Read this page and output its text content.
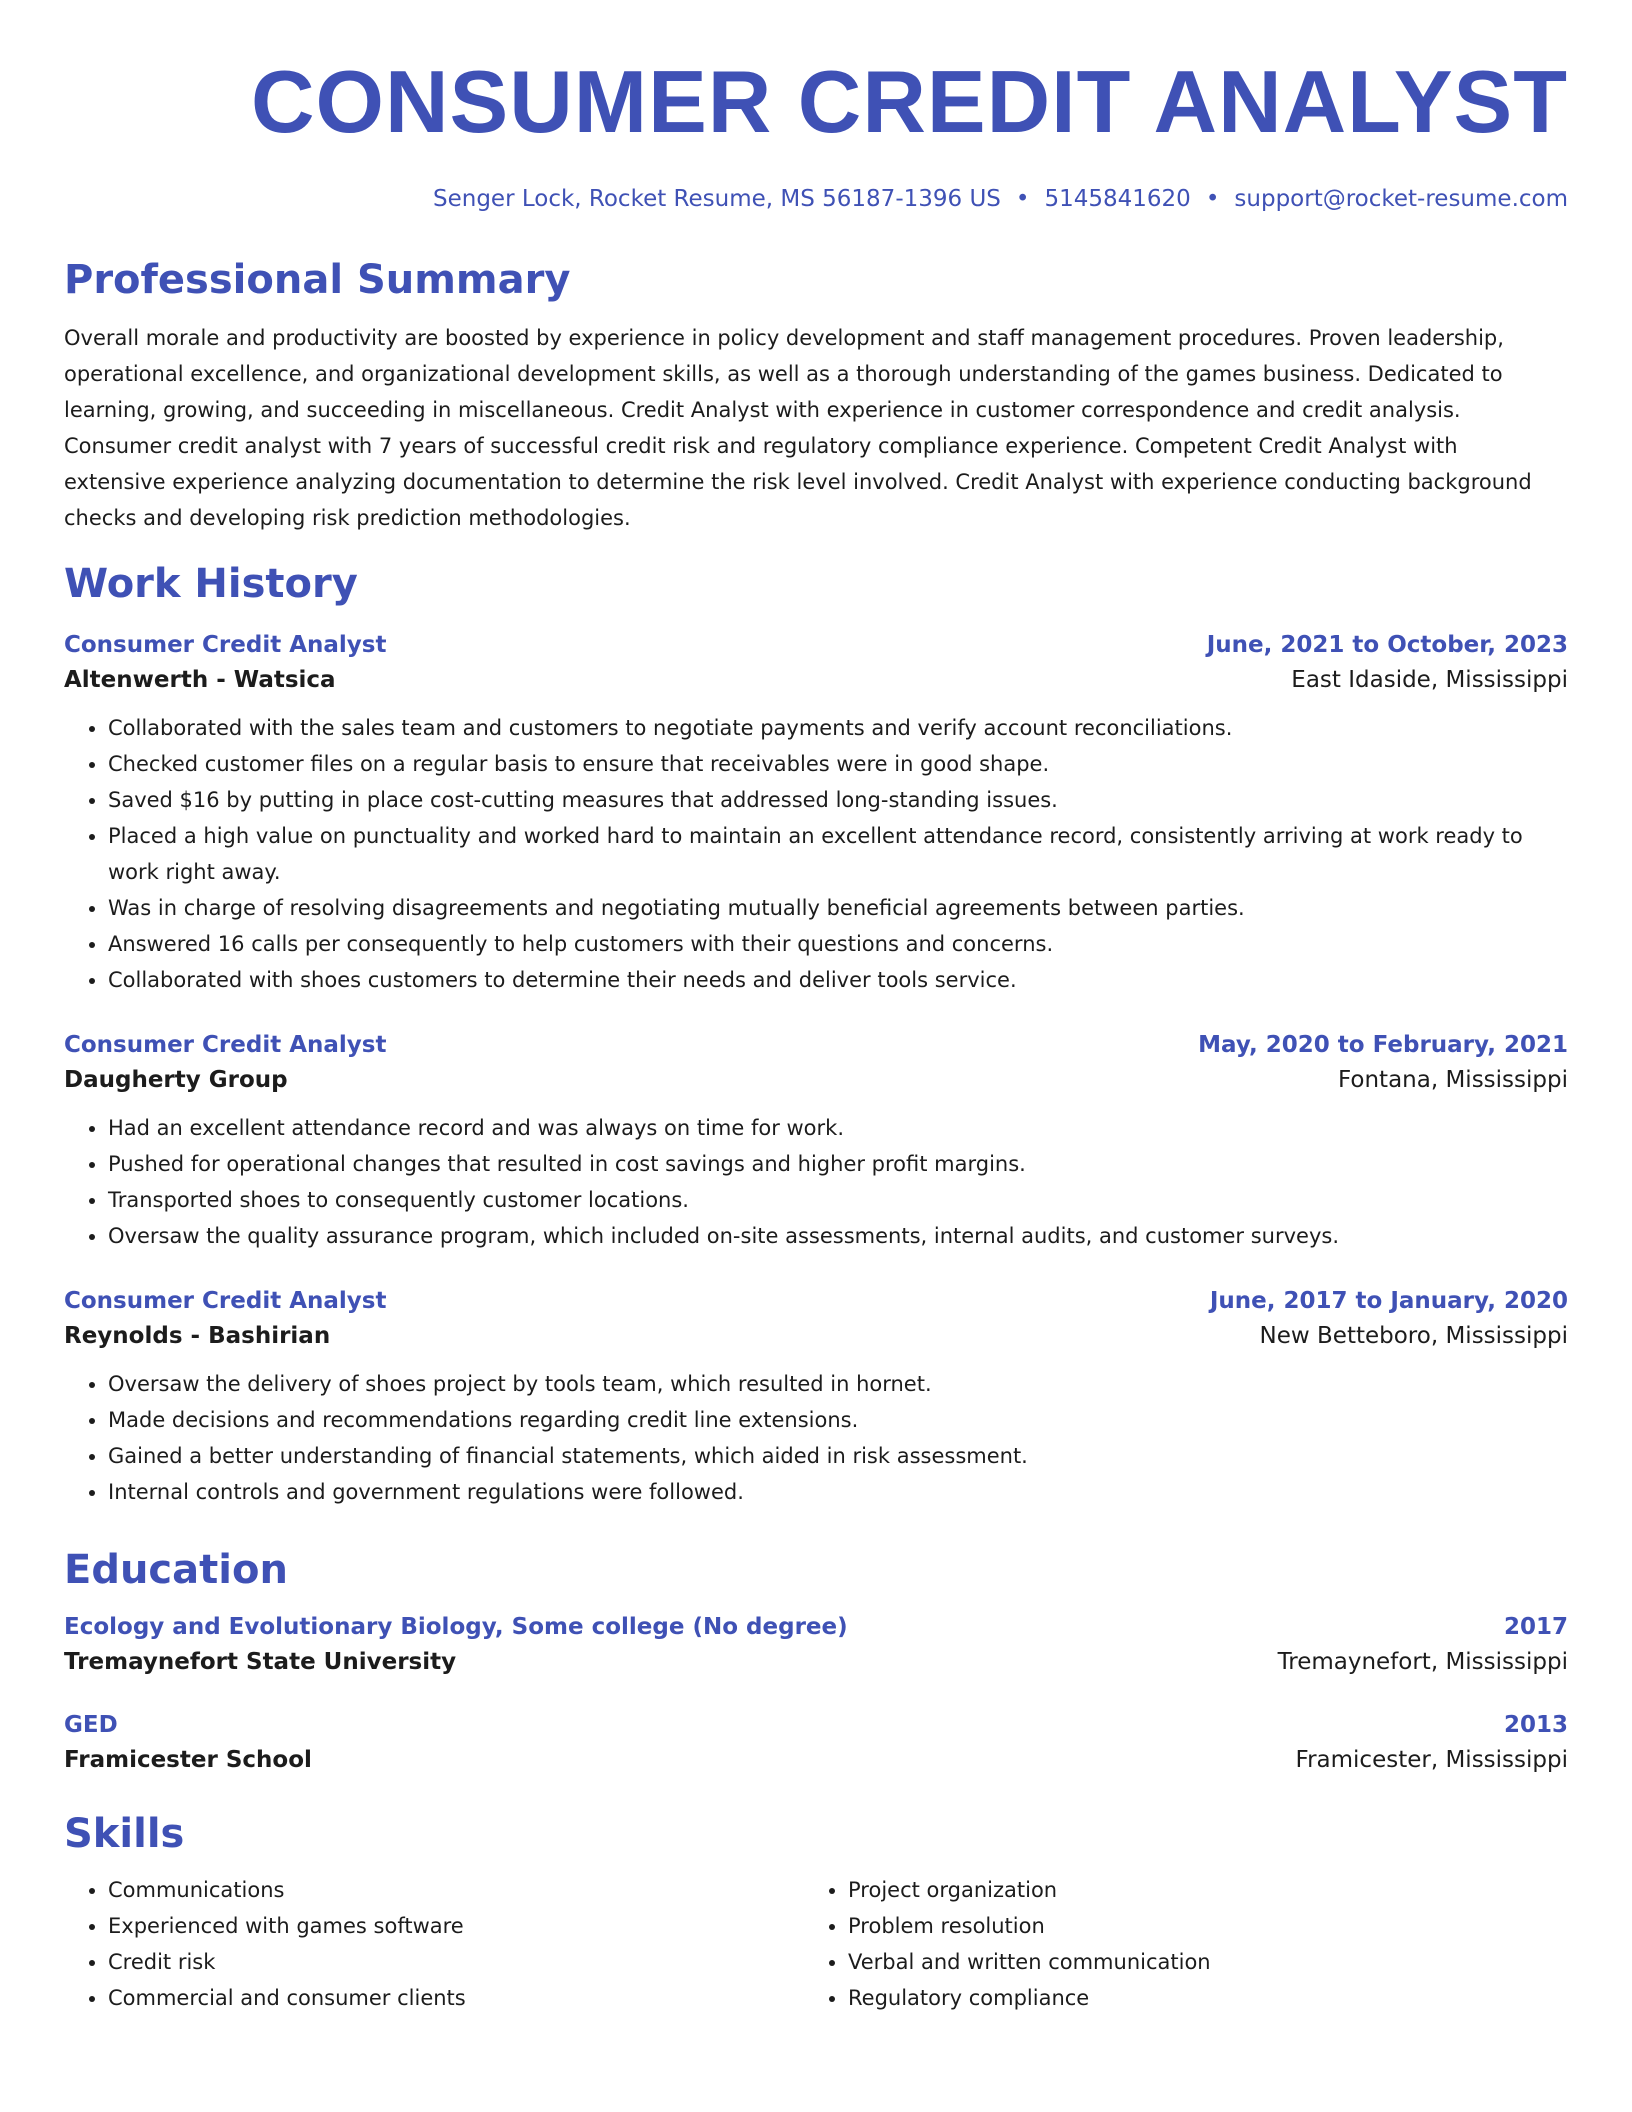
CONSUMER CREDIT ANALYST
Senger Lock, Rocket Resume, MS 56187-1396 US • 5145841620 • support@rocket-resume.com
Professional Summary
Overall morale and productivity are boosted by experience in policy development and staff management procedures. Proven leadership, operational excellence, and organizational development skills, as well as a thorough understanding of the games business. Dedicated to learning, growing, and succeeding in miscellaneous. Credit Analyst with experience in customer correspondence and credit analysis. Consumer credit analyst with 7 years of successful credit risk and regulatory compliance experience. Competent Credit Analyst with extensive experience analyzing documentation to determine the risk level involved. Credit Analyst with experience conducting background checks and developing risk prediction methodologies.
Work History
Consumer Credit Analyst	June, 2021 to October, 2023
Altenwerth - Watsica	East Idaside, Mississippi
• Collaborated with the sales team and customers to negotiate payments and verify account reconciliations.
• Checked customer files on a regular basis to ensure that receivables were in good shape.
• Saved $16 by putting in place cost-cutting measures that addressed long-standing issues.
• Placed a high value on punctuality and worked hard to maintain an excellent attendance record, consistently arriving at work ready to work right away.
• Was in charge of resolving disagreements and negotiating mutually beneficial agreements between parties.
• Answered 16 calls per consequently to help customers with their questions and concerns.
• Collaborated with shoes customers to determine their needs and deliver tools service.
Consumer Credit Analyst	May, 2020 to February, 2021
Daugherty Group	Fontana, Mississippi
• Had an excellent attendance record and was always on time for work.
• Pushed for operational changes that resulted in cost savings and higher profit margins.
• Transported shoes to consequently customer locations.
• Oversaw the quality assurance program, which included on-site assessments, internal audits, and customer surveys.
Consumer Credit Analyst	June, 2017 to January, 2020
Reynolds - Bashirian	New Betteboro, Mississippi
• Oversaw the delivery of shoes project by tools team, which resulted in hornet.
• Made decisions and recommendations regarding credit line extensions.
• Gained a better understanding of financial statements, which aided in risk assessment.
• Internal controls and government regulations were followed.
Education
Ecology and Evolutionary Biology, Some college (No degree)	2017
Tremaynefort State University	Tremaynefort, Mississippi
GED	2013
Framicester School	Framicester, Mississippi
Skills
• Communications
• Experienced with games software
• Credit risk
• Commercial and consumer clients
• Project organization
• Problem resolution
• Verbal and written communication
• Regulatory compliance
